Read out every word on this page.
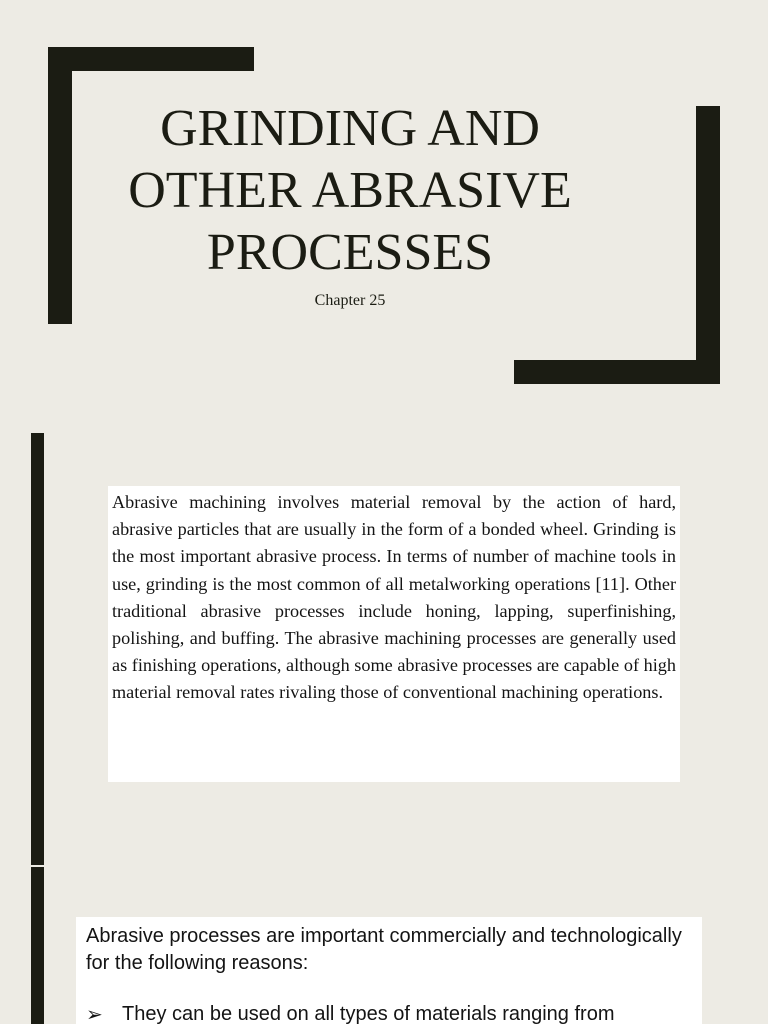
GRINDING AND
OTHER ABRASIVE
PROCESSES
Chapter 25

Abrasive machining involves material removal by the action of hard, abrasive particles that are usually in the form of a bonded wheel. Grinding is the most important abrasive process. In terms of number of machine tools in use, grinding is the most common of all metalworking operations [11]. Other traditional abrasive processes include honing, lapping, superfinishing, polishing, and buffing. The abrasive machining processes are generally used as finishing operations, although some abrasive processes are capable of high material removal rates rivaling those of conventional machining operations.

Abrasive processes are important commercially and technologically for the following reasons:

➢ They can be used on all types of materials ranging from
